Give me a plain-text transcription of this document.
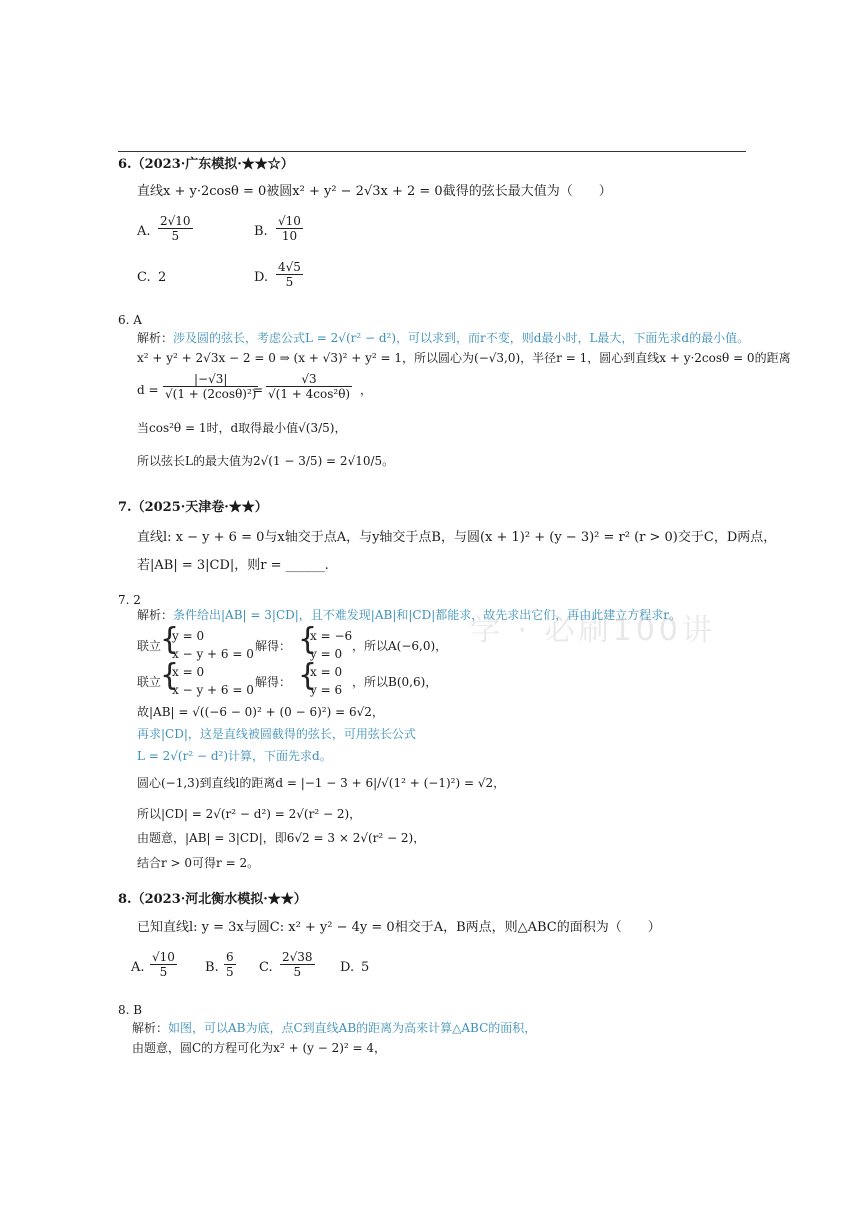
学 · 必刷100讲
6.（2023·广东模拟·★★☆）
直线x + y·2cosθ = 0被圆x² + y² − 2√3x + 2 = 0截得的弦长最大值为（　　）
A. $\frac{2√10}{5}$	B. $\frac{√10}{10}$
C. 2	D. $\frac{4√5}{5}$
6. A
解析：涉及圆的弦长，考虑公式L = 2√(r² − d²)，可以求到，而r不变，则d最小时，L最大，下面先求d的最小值。
x² + y² + 2√3x − 2 = 0 ⇒ (x + √3)² + y² = 1，所以圆心为(−√3,0)，半径r = 1，圆心到直线x + y·2cosθ = 0的距离
$d = \frac{|-√3|}{\text{√(1 + (2cosθ)²)}}$
= $\frac{√3}{\text{√(1 + 4cos²θ)}}$ ，
当cos²θ = 1时，d取得最小值√(3/5)，
所以弦长L的最大值为2√(1 − 3/5) = 2√10/5。
7.（2025·天津卷·★★）
直线l: x − y + 6 = 0与x轴交于点A，与y轴交于点B，与圆(x + 1)² + (y − 3)² = r² (r > 0)交于C，D两点，
若|AB| = 3|CD|，则r = ______.
7. 2
解析：条件给出|AB| = 3|CD|，且不难发现|AB|和|CD|都能求，故先求出它们，再由此建立方程求r。
联立
{
y = 0
x − y + 6 = 0
解得： {
x = −6
y = 0
，所以A(−6,0)，
联立
{
x = 0
x − y + 6 = 0
解得： {
x = 0
y = 6
，所以B(0,6)，
故|AB| = √((−6 − 0)² + (0 − 6)²) = 6√2，
再求|CD|，这是直线被圆截得的弦长，可用弦长公式
L = 2√(r² − d²)计算，下面先求d。
圆心(−1,3)到直线l的距离d = |−1 − 3 + 6|/√(1² + (−1)²) = √2，
所以|CD| = 2√(r² − d²) = 2√(r² − 2)，
由题意，|AB| = 3|CD|，即6√2 = 3 × 2√(r² − 2)，
结合r > 0可得r = 2。
8.（2023·河北衡水模拟·★★）
已知直线l: y = 3x与圆C: x² + y² − 4y = 0相交于A，B两点，则△ABC的面积为（　　）
A. $\frac{√10}{5} B$. $\frac{6}{5} C$. $\frac{2√38}{5} D$. 5
8. B
解析：如图，可以AB为底，点C到直线AB的距离为高来计算△ABC的面积，
由题意，圆C的方程可化为x² + (y − 2)² = 4，
